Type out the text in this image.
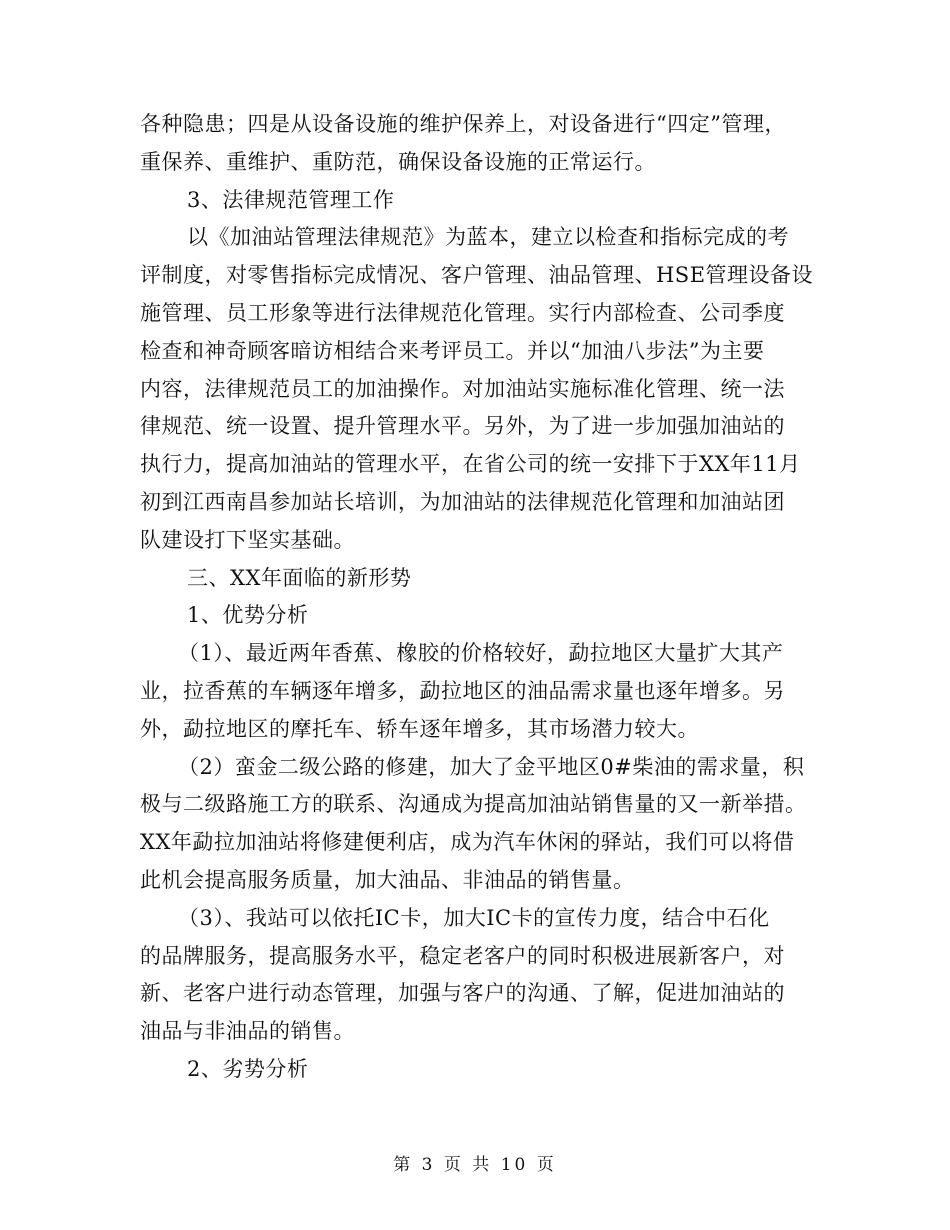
各种隐患；四是从设备设施的维护保养上，对设备进行“四定”管理，
重保养、重维护、重防范，确保设备设施的正常运行。
3、法律规范管理工作
以《加油站管理法律规范》为蓝本，建立以检查和指标完成的考
评制度，对零售指标完成情况、客户管理、油品管理、HSE管理设备设
施管理、员工形象等进行法律规范化管理。实行内部检查、公司季度
检查和神奇顾客暗访相结合来考评员工。并以“加油八步法”为主要
内容，法律规范员工的加油操作。对加油站实施标准化管理、统一法
律规范、统一设置、提升管理水平。另外，为了进一步加强加油站的
执行力，提高加油站的管理水平，在省公司的统一安排下于XX年11月
初到江西南昌参加站长培训，为加油站的法律规范化管理和加油站团
队建设打下坚实基础。
三、XX年面临的新形势
1、优势分析
（1）、最近两年香蕉、橡胶的价格较好，勐拉地区大量扩大其产
业，拉香蕉的车辆逐年增多，勐拉地区的油品需求量也逐年增多。另
外，勐拉地区的摩托车、轿车逐年增多，其市场潜力较大。
（2）蛮金二级公路的修建，加大了金平地区0#柴油的需求量，积
极与二级路施工方的联系、沟通成为提高加油站销售量的又一新举措。
XX年勐拉加油站将修建便利店，成为汽车休闲的驿站，我们可以将借
此机会提高服务质量，加大油品、非油品的销售量。
（3）、我站可以依托IC卡，加大IC卡的宣传力度，结合中石化
的品牌服务，提高服务水平，稳定老客户的同时积极进展新客户，对
新、老客户进行动态管理，加强与客户的沟通、了解，促进加油站的
油品与非油品的销售。
2、劣势分析
第 3 页 共 10 页
